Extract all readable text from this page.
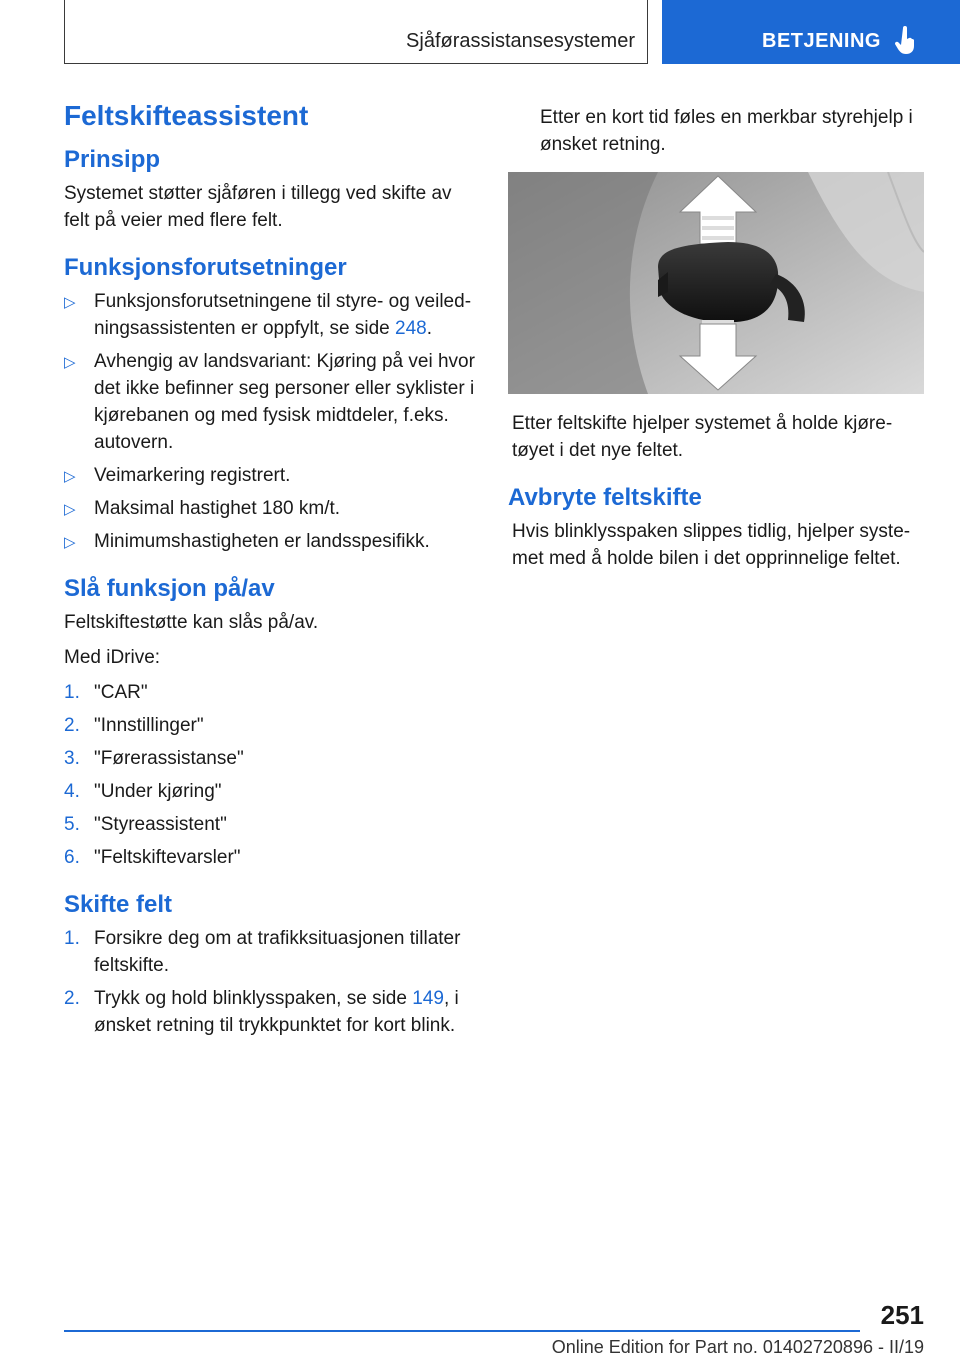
Sjåførassistansesystemer	BETJENING
Feltskifteassistent
Prinsipp

Systemet støtter sjåføren i tillegg ved skifte av felt på veier med flere felt.

Funksjonsforutsetninger
▷ Funksjonsforutsetningene til styre- og veiledningsassistenten er oppfylt, se side 248.
▷ Avhengig av landsvariant: Kjøring på vei hvor det ikke befinner seg personer eller syklister i kjørebanen og med fysisk midtdeler, f.eks. autovern.
▷ Veimarkering registrert.
▷ Maksimal hastighet 180 km/t.
▷ Minimumshastigheten er landsspesifikk.
Slå funksjon på/av

Feltskiftestøtte kan slås på/av.

Med iDrive:

1. "CAR"
2. "Innstillinger"
3. "Førerassistanse"
4. "Under kjøring"
5. "Styreassistent"
6. "Feltskiftevarsler"
Skifte felt
1. Forsikre deg om at trafikksituasjonen tillater feltskifte.
2. Trykk og hold blinklysspaken, se side 149, i ønsket retning til trykkpunktet for kort blink.

Etter en kort tid føles en merkbar styrehjelp i ønsket retning.

Etter feltskifte hjelper systemet å holde kjøretøyet i det nye feltet.

Avbryte feltskifte

Hvis blinklysspaken slippes tidlig, hjelper systemet med å holde bilen i det opprinnelige feltet.

251
Online Edition for Part no. 01402720896 - II/19
